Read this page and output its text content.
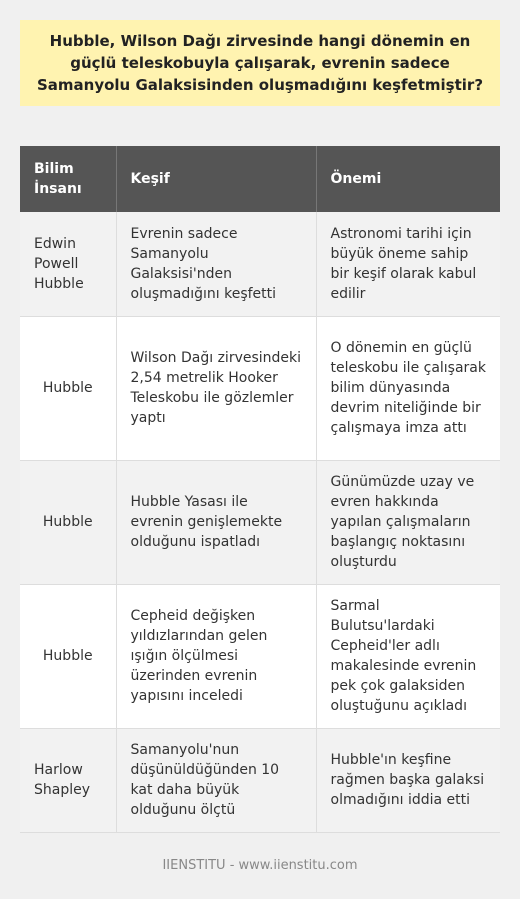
Hubble, Wilson Dağı zirvesinde hangi dönemin en güçlü teleskobuyla çalışarak, evrenin sadece Samanyolu Galaksisinden oluşmadığını keşfetmiştir?
Bilim İnsanı	Keşif	Önemi
Edwin Powell Hubble	Evrenin sadece Samanyolu Galaksisi'nden oluşmadığını keşfetti	Astronomi tarihi için büyük öneme sahip bir keşif olarak kabul edilir
Hubble	Wilson Dağı zirvesindeki 2,54 metrelik Hooker Teleskobu ile gözlemler yaptı	O dönemin en güçlü teleskobu ile çalışarak bilim dünyasında devrim niteliğinde bir çalışmaya imza attı
Hubble	Hubble Yasası ile evrenin genişlemekte olduğunu ispatladı	Günümüzde uzay ve evren hakkında yapılan çalışmaların başlangıç noktasını oluşturdu
Hubble	Cepheid değişken yıldızlarından gelen ışığın ölçülmesi üzerinden evrenin yapısını inceledi	Sarmal Bulutsu'lardaki Cepheid'ler adlı makalesinde evrenin pek çok galaksiden oluştuğunu açıkladı
Harlow Shapley	Samanyolu'nun düşünüldüğünden 10 kat daha büyük olduğunu ölçtü	Hubble'ın keşfine rağmen başka galaksi olmadığını iddia etti
IIENSTITU - www.iienstitu.com
